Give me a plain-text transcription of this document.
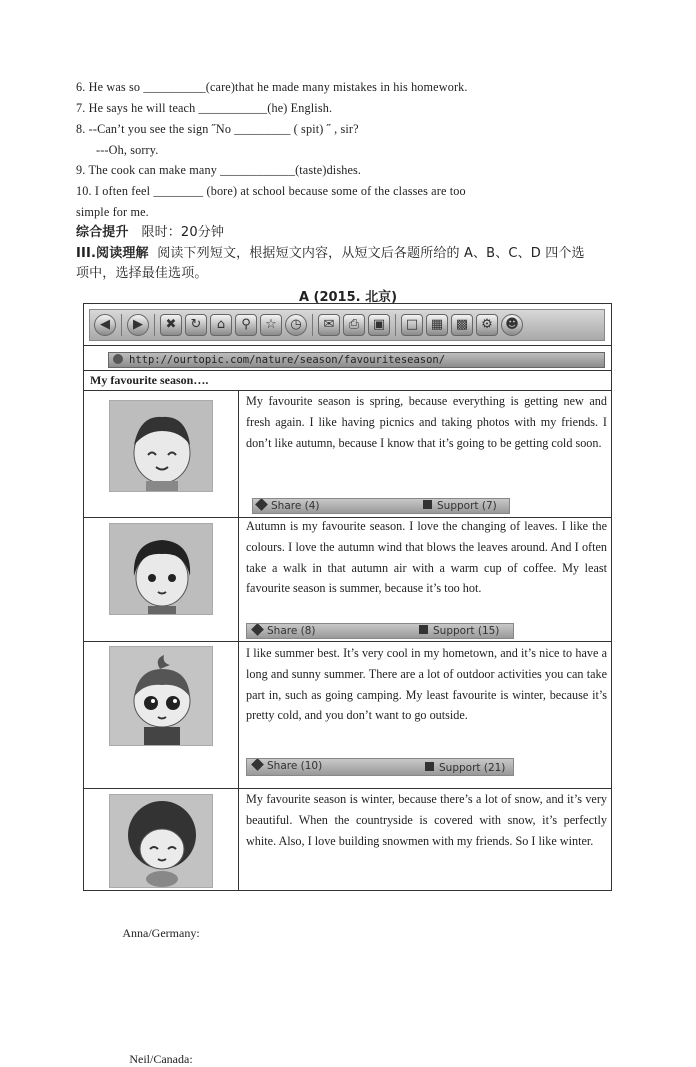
6. He was so __________(care)that he made many mistakes in his homework.
7. He says he will teach ___________(he) English.
8. --Can’t you see the sign ˝No _________ ( spit) ˝ , sir?
---Oh, sorry.
9. The cook can make many ____________(taste)dishes.
10. I often feel ________ (bore) at school because some of the classes are too
simple for me.
综合提升 限时：20分钟
III.阅读理解 阅读下列短文，根据短文内容，从短文后各题所给的 A、B、C、D 四个选
项中，选择最佳选项。
A (2015. 北京)
◀	▶	✖	↻	⌂	⚲	☆	◷	✉	⎙	▣	□ ▦ ▩	⚙ ☻
http://ourtopic.com/nature/season/favouriteseason/
My favourite season….
My favourite season is spring, because everything is getting new and fresh again. I like having picnics and taking photos with my friends. I don’t like autumn, because I know that it’s going to be getting cold soon.
Share (4)	Support (7)
Anna/Germany:
Autumn is my favourite season. I love the changing of leaves. I like the colours. I love the autumn wind that blows the leaves around. And I often take a walk in that autumn air with a warm cup of coffee. My least favourite season is summer, because it’s too hot.
Share (8)	Support (15)
Neil/Canada:
I like summer best. It’s very cool in my hometown, and it’s nice to have a long and sunny summer. There are a lot of outdoor activities you can take part in, such as going camping. My least favourite is winter, because it’s pretty cold, and you don’t want to go outside.
Share (10)	Support (21)
My favourite season is winter, because there’s a lot of snow, and it’s very beautiful. When the countryside is covered with snow, it’s perfectly white. Also, I love building snowmen with my friends. So I like winter.
